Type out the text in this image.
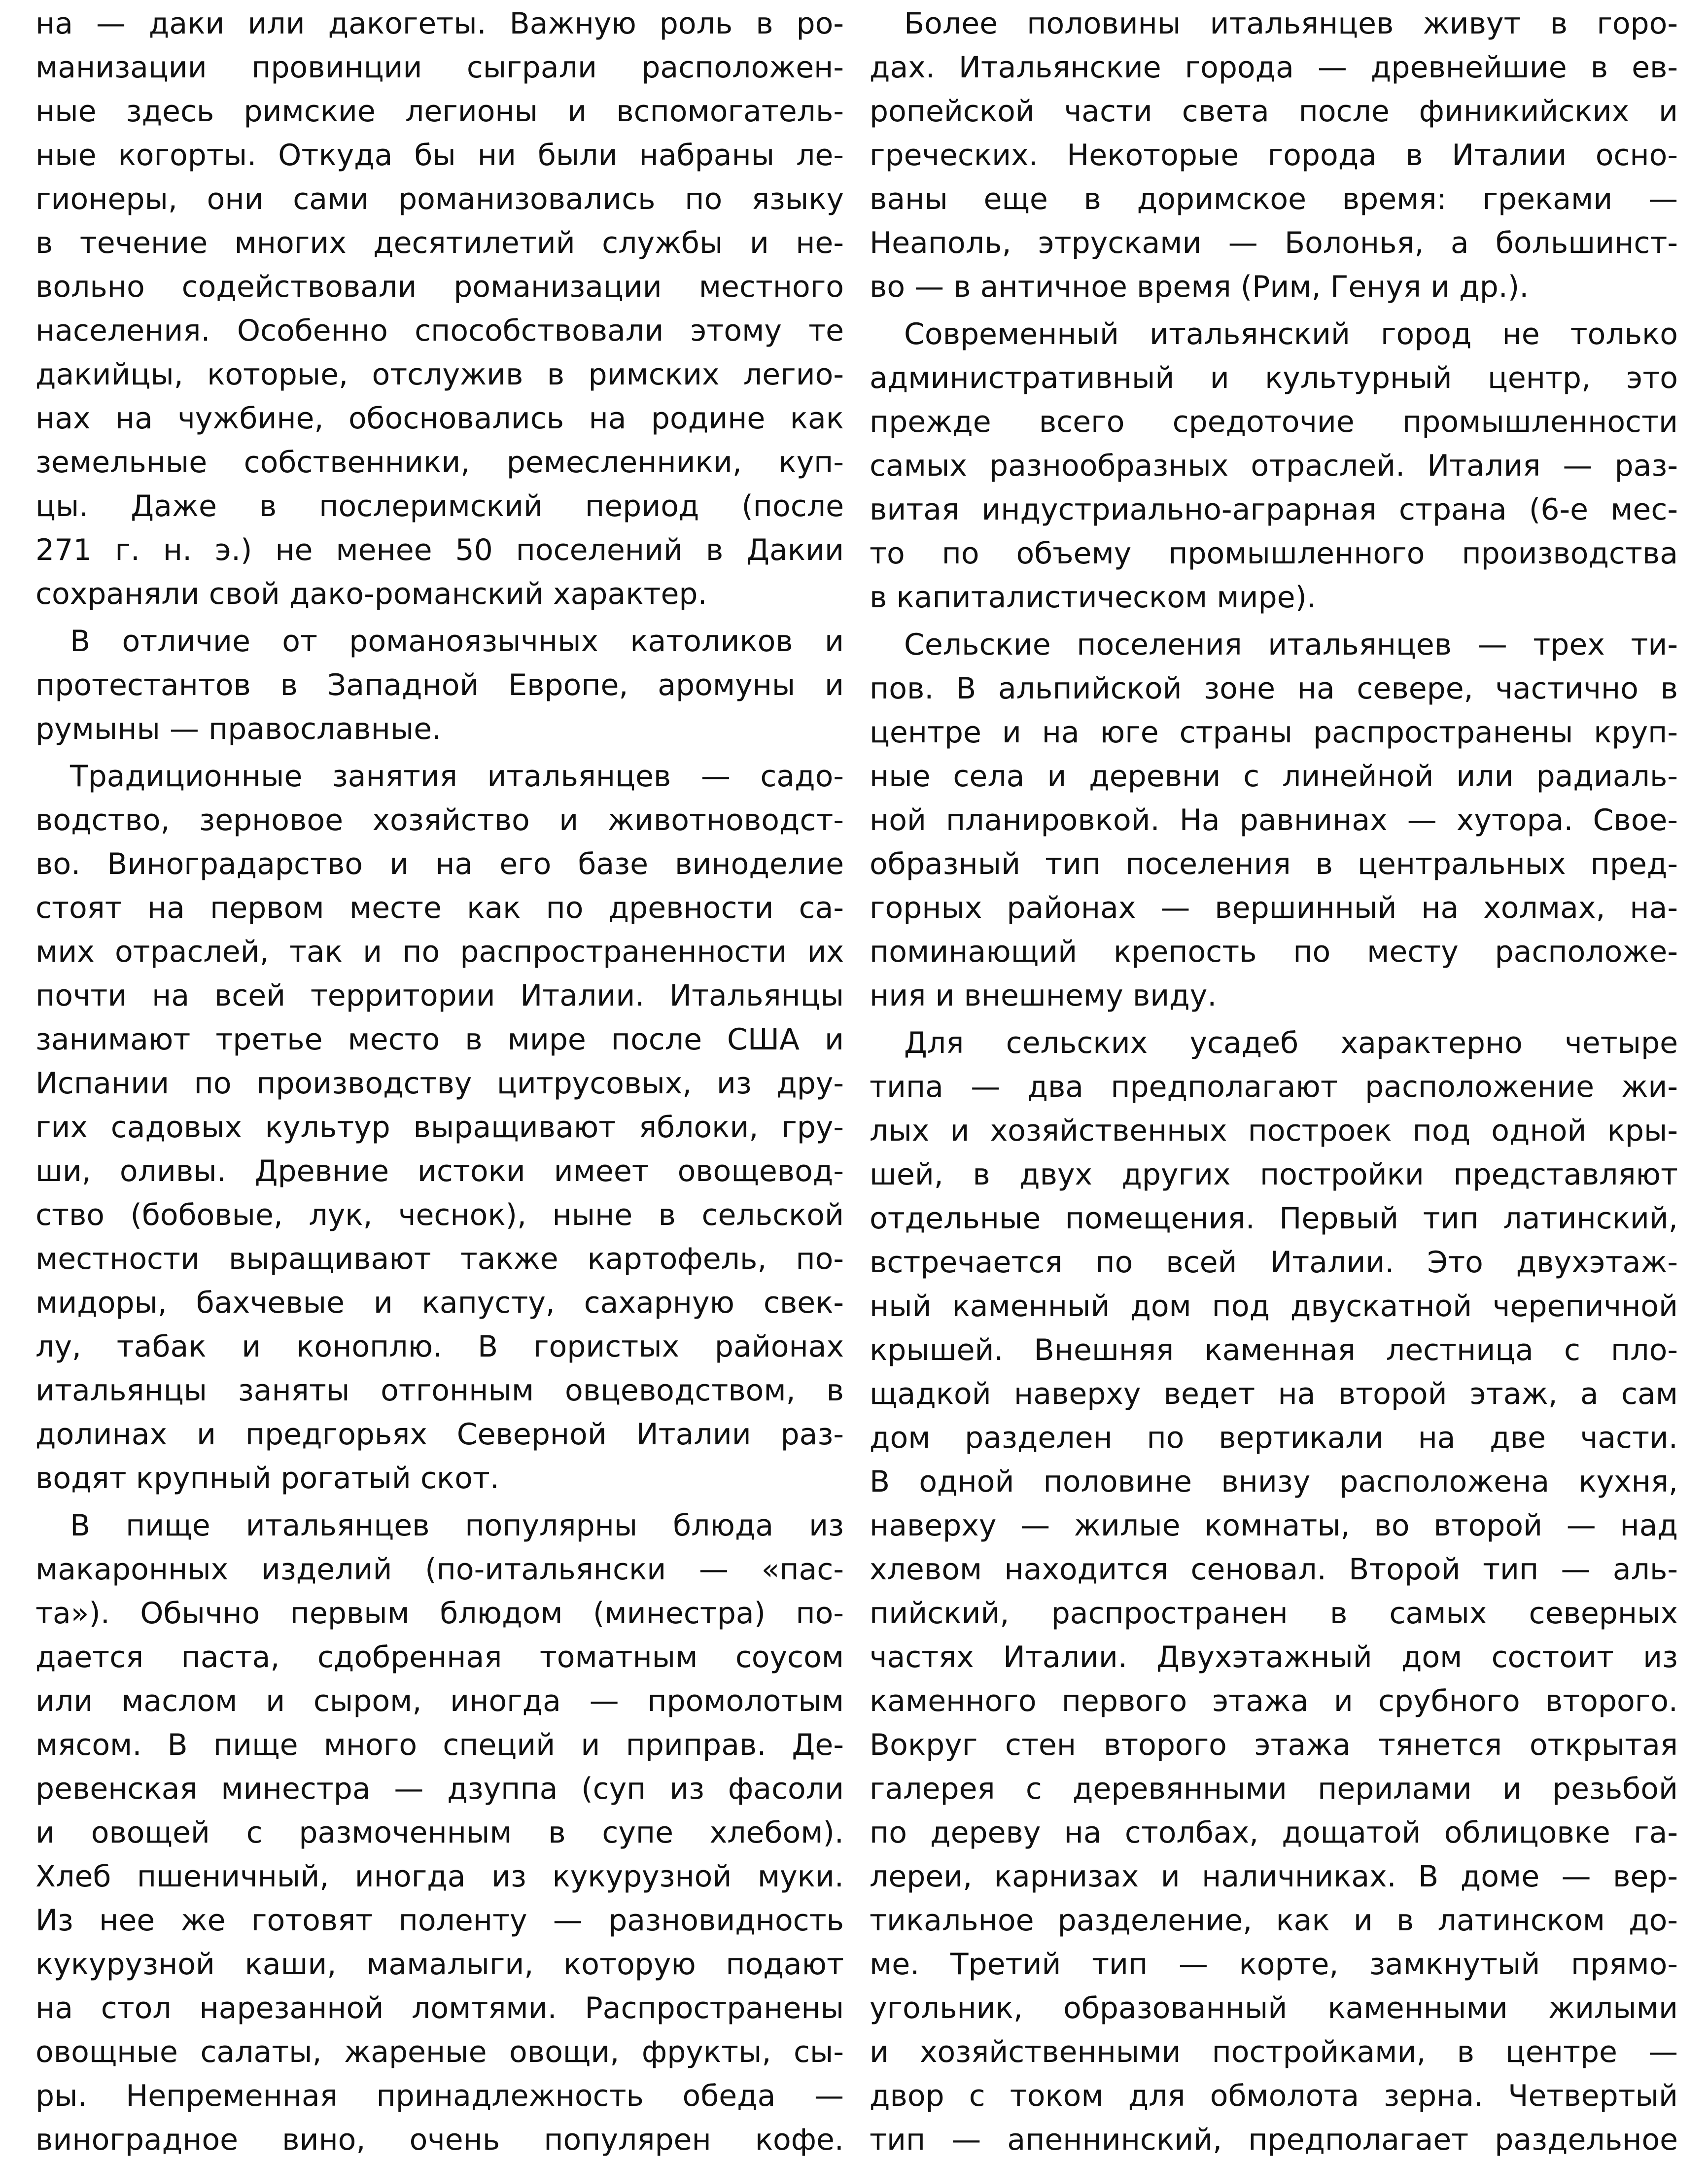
на — даки или дакогеты. Важную роль в ро-
манизации провинции сыграли расположен-
ные здесь римские легионы и вспомогатель-
ные когорты. Откуда бы ни были набраны ле-
гионеры, они сами романизовались по языку
в течение многих десятилетий службы и не-
вольно содействовали романизации местного
населения. Особенно способствовали этому те
дакийцы, которые, отслужив в римских легио-
нах на чужбине, обосновались на родине как
земельные собственники, ремесленники, куп-
цы. Даже в послеримский период (после
271 г. н. э.) не менее 50 поселений в Дакии
сохраняли свой дако-романский характер.
В отличие от романоязычных католиков и
протестантов в Западной Европе, аромуны и
румыны — православные.
Традиционные занятия итальянцев — садо-
водство, зерновое хозяйство и животноводст-
во. Виноградарство и на его базе виноделие
стоят на первом месте как по древности са-
мих отраслей, так и по распространенности их
почти на всей территории Италии. Итальянцы
занимают третье место в мире после США и
Испании по производству цитрусовых, из дру-
гих садовых культур выращивают яблоки, гру-
ши, оливы. Древние истоки имеет овощевод-
ство (бобовые, лук, чеснок), ныне в сельской
местности выращивают также картофель, по-
мидоры, бахчевые и капусту, сахарную свек-
лу, табак и коноплю. В гористых районах
итальянцы заняты отгонным овцеводством, в
долинах и предгорьях Северной Италии раз-
водят крупный рогатый скот.
В пище итальянцев популярны блюда из
макаронных изделий (по-итальянски — «пас-
та»). Обычно первым блюдом (минестра) по-
дается паста, сдобренная томатным соусом
или маслом и сыром, иногда — промолотым
мясом. В пище много специй и приправ. Де-
ревенская минестра — дзуппа (суп из фасоли
и овощей с размоченным в супе хлебом).
Хлеб пшеничный, иногда из кукурузной муки.
Из нее же готовят поленту — разновидность
кукурузной каши, мамалыги, которую подают
на стол нарезанной ломтями. Распространены
овощные салаты, жареные овощи, фрукты, сы-
ры. Непременная принадлежность обеда —
виноградное вино, очень популярен кофе.
Более половины итальянцев живут в горо-
дах. Итальянские города — древнейшие в ев-
ропейской части света после финикийских и
греческих. Некоторые города в Италии осно-
ваны еще в доримское время: греками —
Неаполь, этрусками — Болонья, а большинст-
во — в античное время (Рим, Генуя и др.).
Современный итальянский город не только
административный и культурный центр, это
прежде всего средоточие промышленности
самых разнообразных отраслей. Италия — раз-
витая индустриально-аграрная страна (6-е мес-
то по объему промышленного производства
в капиталистическом мире).
Сельские поселения итальянцев — трех ти-
пов. В альпийской зоне на севере, частично в
центре и на юге страны распространены круп-
ные села и деревни с линейной или радиаль-
ной планировкой. На равнинах — хутора. Свое-
образный тип поселения в центральных пред-
горных районах — вершинный на холмах, на-
поминающий крепость по месту расположе-
ния и внешнему виду.
Для сельских усадеб характерно четыре
типа — два предполагают расположение жи-
лых и хозяйственных построек под одной кры-
шей, в двух других постройки представляют
отдельные помещения. Первый тип латинский,
встречается по всей Италии. Это двухэтаж-
ный каменный дом под двускатной черепичной
крышей. Внешняя каменная лестница с пло-
щадкой наверху ведет на второй этаж, а сам
дом разделен по вертикали на две части.
В одной половине внизу расположена кухня,
наверху — жилые комнаты, во второй — над
хлевом находится сеновал. Второй тип — аль-
пийский, распространен в самых северных
частях Италии. Двухэтажный дом состоит из
каменного первого этажа и срубного второго.
Вокруг стен второго этажа тянется открытая
галерея с деревянными перилами и резьбой
по дереву на столбах, дощатой облицовке га-
лереи, карнизах и наличниках. В доме — вер-
тикальное разделение, как и в латинском до-
ме. Третий тип — корте, замкнутый прямо-
угольник, образованный каменными жилыми
и хозяйственными постройками, в центре —
двор с током для обмолота зерна. Четвертый
тип — апеннинский, предполагает раздельное
